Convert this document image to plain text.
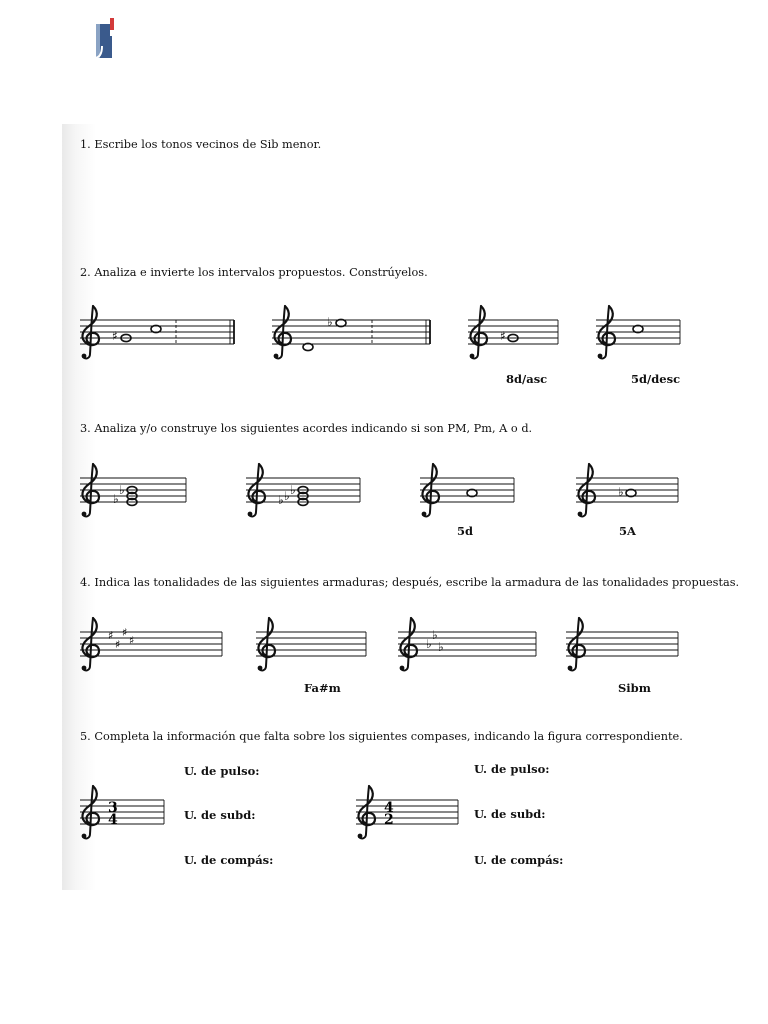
1. Escribe los tonos vecinos de Sib menor.
2. Analiza e invierte los intervalos propuestos. Constrúyelos.
♯
♭
♯
8d/asc	5d/desc
3. Analiza y/o construye los siguientes acordes indicando si son PM, Pm, A o d.
♭
♭
♭
♭
♭
5d
♭
5A
4. Indica las tonalidades de las siguientes armaduras; después, escribe la armadura de las tonalidades propuestas.
♯
♯
♯
♯
Fa#m
♭
♭
♭
Sibm
5. Completa la información que falta sobre los siguientes compases, indicando la figura correspondiente.
3
4
U. de pulso:
U. de subd:
U. de compás:
4
2
U. de pulso:
U. de subd:
U. de compás:
